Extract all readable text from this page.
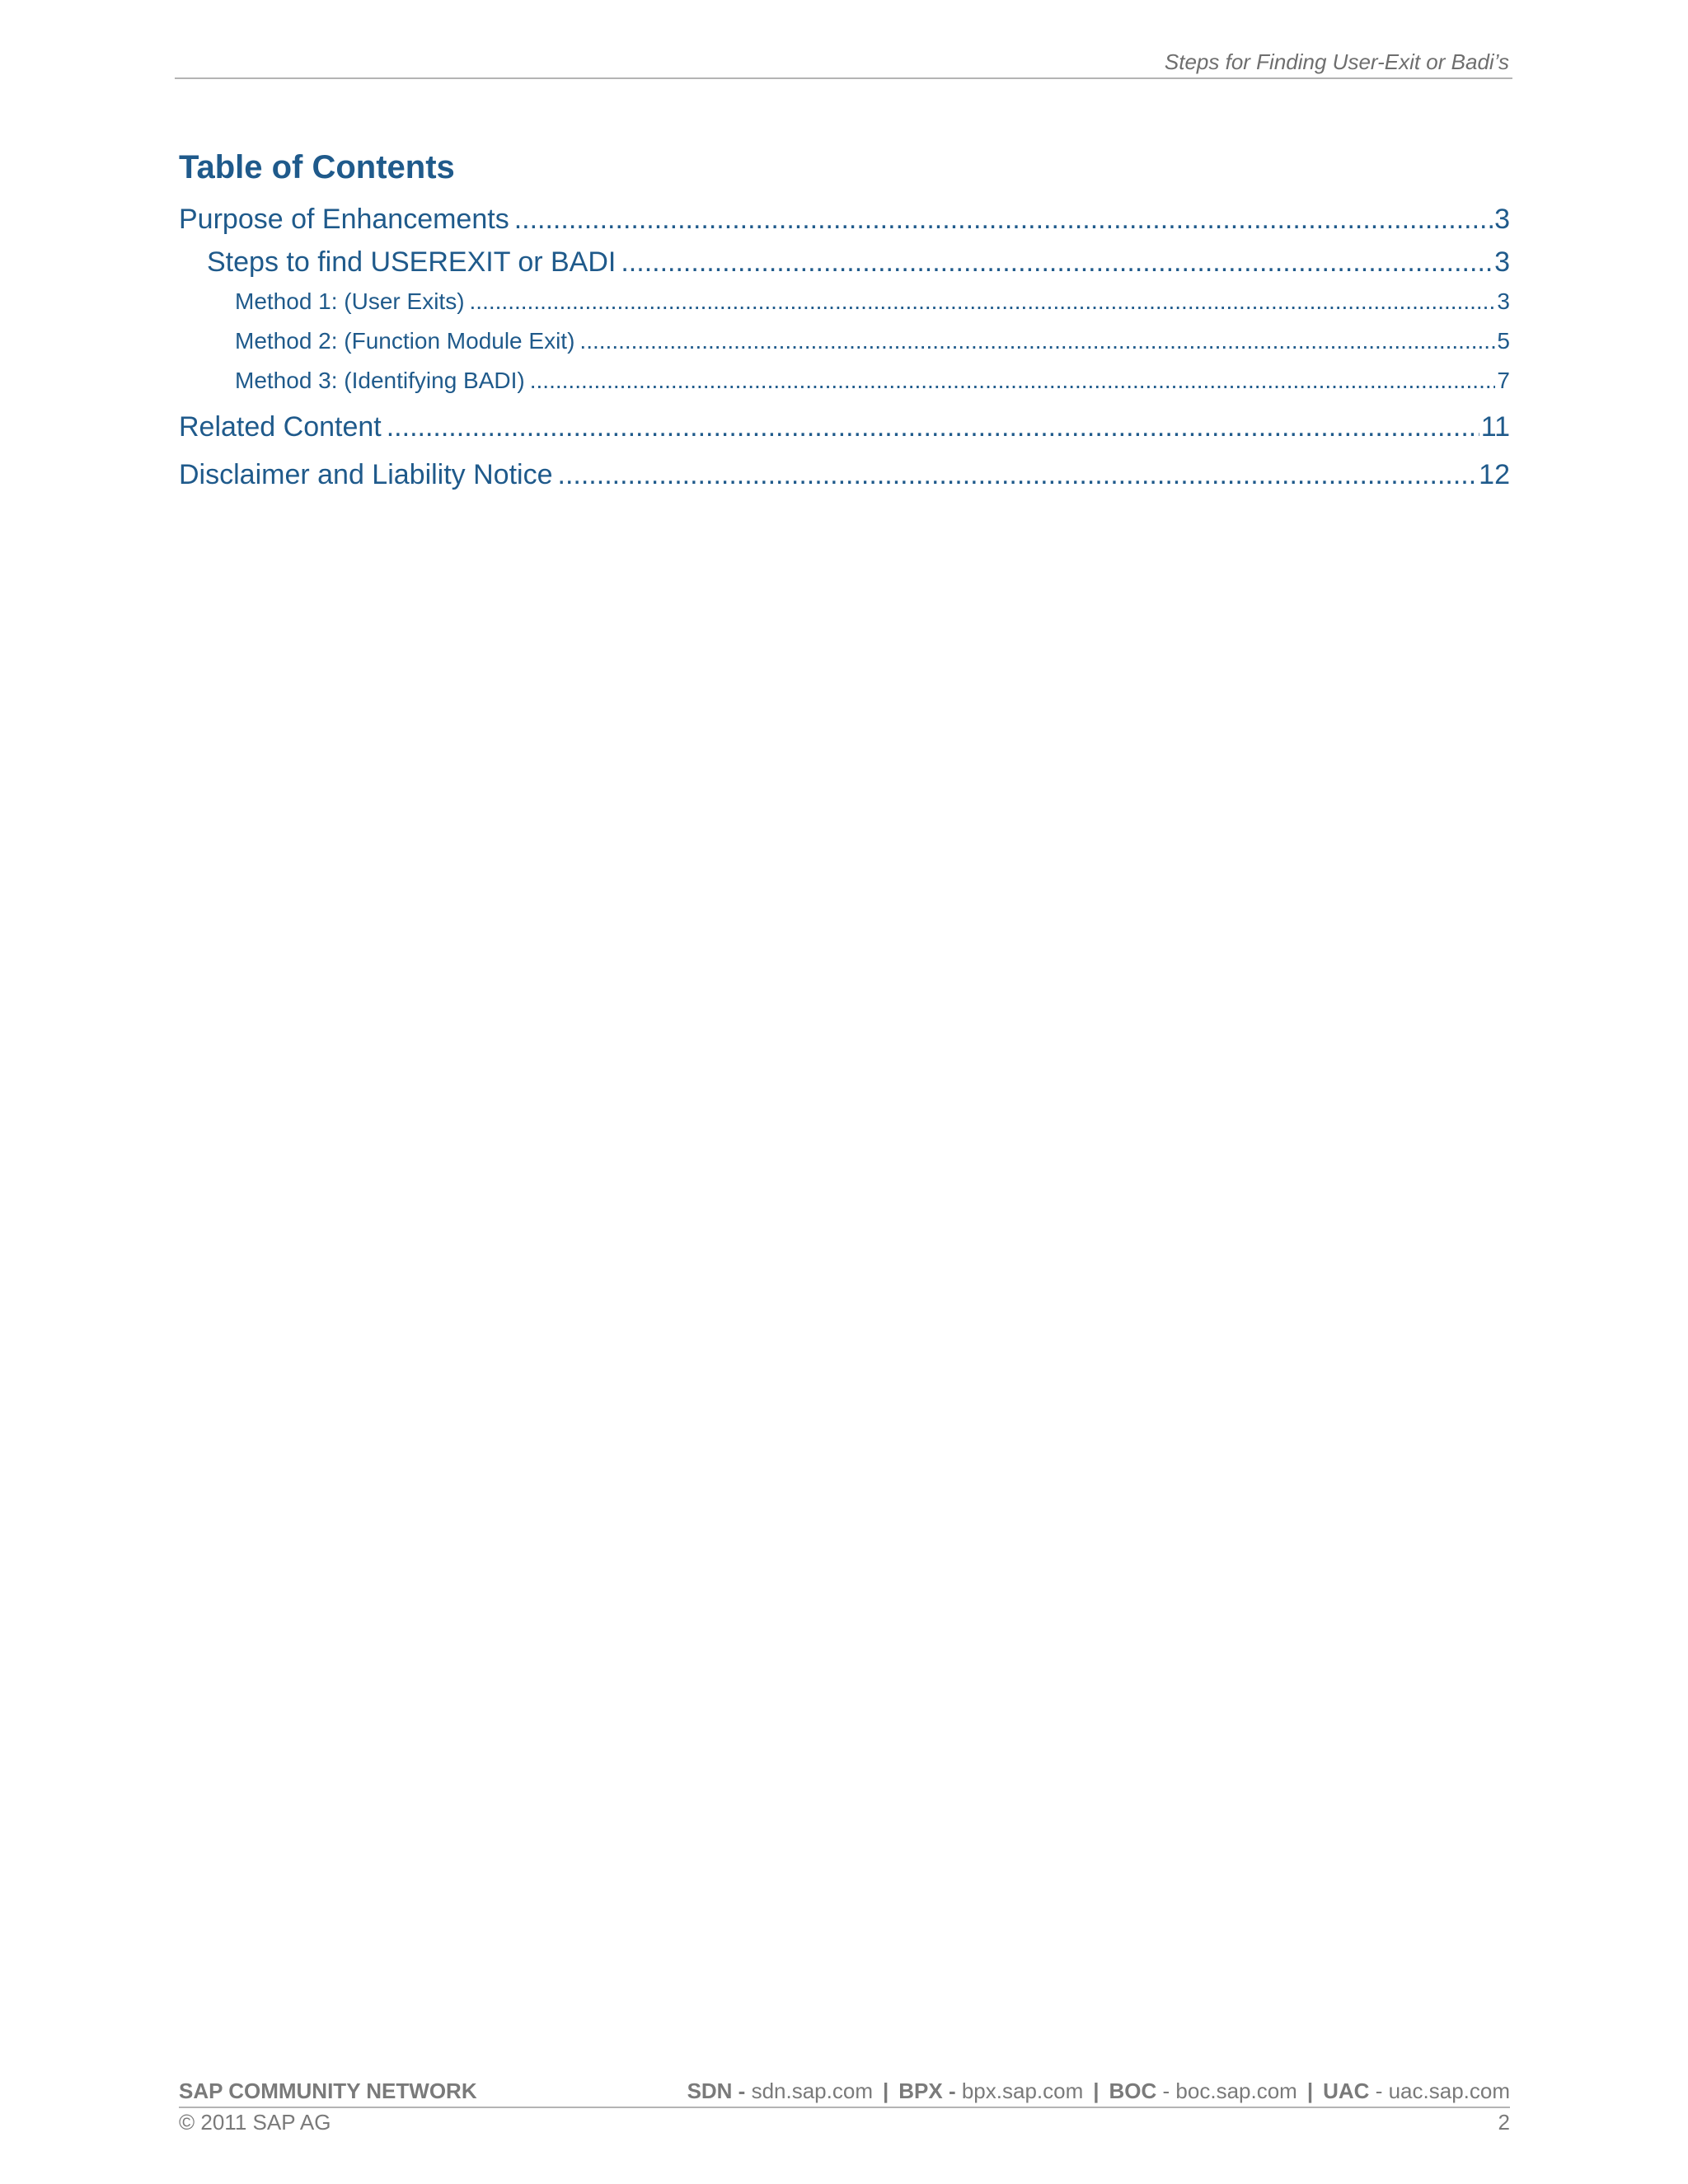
Steps for Finding User-Exit or Badi’s
Table of Contents
Purpose of Enhancements .....	3
Steps to find USEREXIT or BADI .....	3
Method 1: (User Exits) .....	3
Method 2: (Function Module Exit) .....	5
Method 3: (Identifying BADI) .....	7
Related Content .....	11
Disclaimer and Liability Notice .....	12
SAP COMMUNITY NETWORK	SDN - sdn.sap.com | BPX - bpx.sap.com | BOC - boc.sap.com | UAC - uac.sap.com
© 2011 SAP AG	2
